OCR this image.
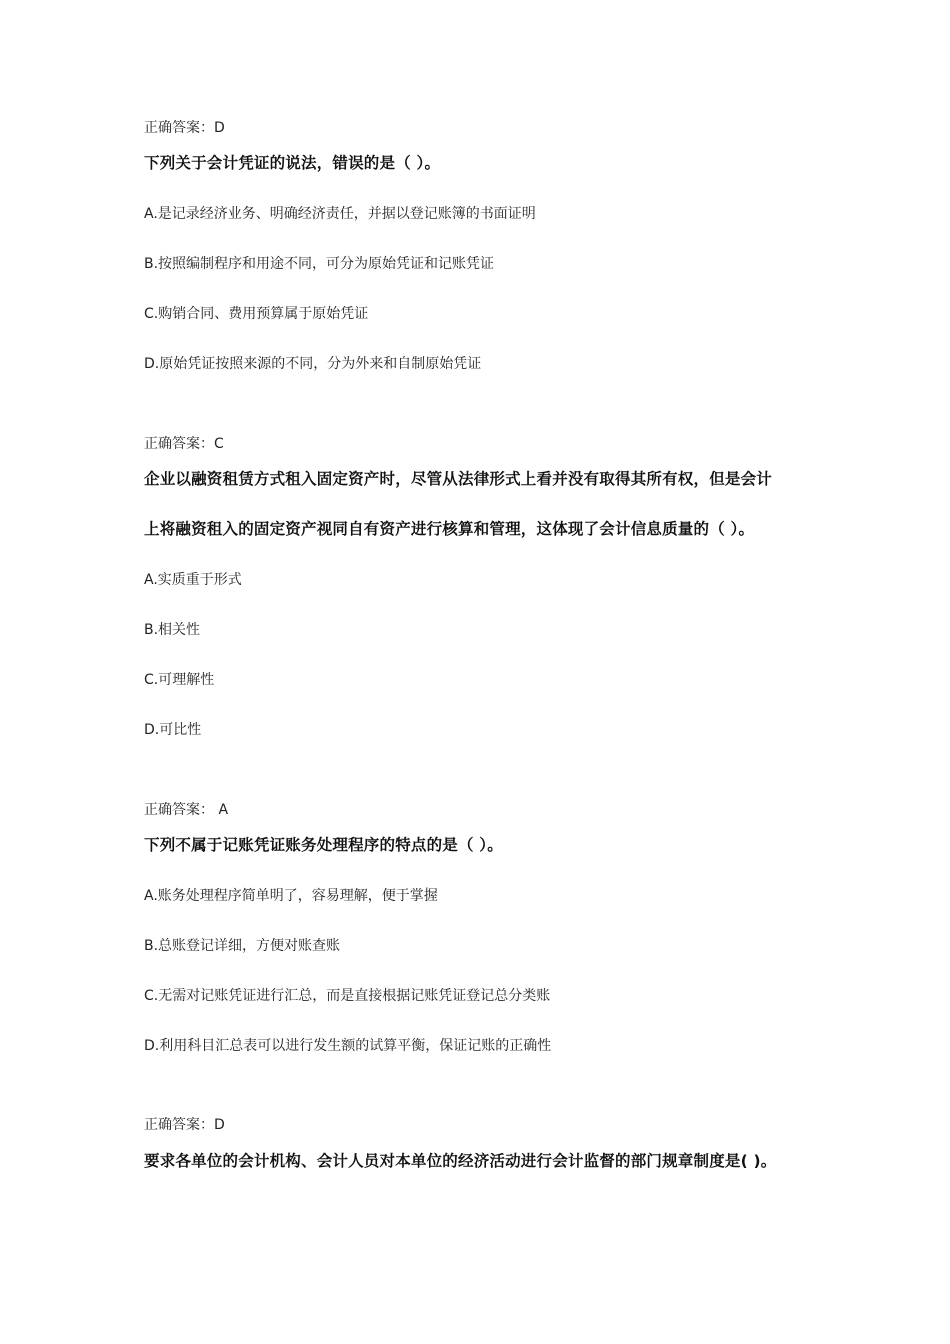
正确答案：D
下列关于会计凭证的说法，错误的是（ ）。
A.是记录经济业务、明确经济责任，并据以登记账簿的书面证明
B.按照编制程序和用途不同，可分为原始凭证和记账凭证
C.购销合同、费用预算属于原始凭证
D.原始凭证按照来源的不同，分为外来和自制原始凭证
正确答案：C
企业以融资租赁方式租入固定资产时，尽管从法律形式上看并没有取得其所有权，但是会计
上将融资租入的固定资产视同自有资产进行核算和管理，这体现了会计信息质量的（ ）。
A.实质重于形式
B.相关性
C.可理解性
D.可比性
正确答案： A
下列不属于记账凭证账务处理程序的特点的是（ ）。
A.账务处理程序简单明了，容易理解，便于掌握
B.总账登记详细，方便对账查账
C.无需对记账凭证进行汇总，而是直接根据记账凭证登记总分类账
D.利用科目汇总表可以进行发生额的试算平衡，保证记账的正确性
正确答案：D
要求各单位的会计机构、会计人员对本单位的经济活动进行会计监督的部门规章制度是( )。
